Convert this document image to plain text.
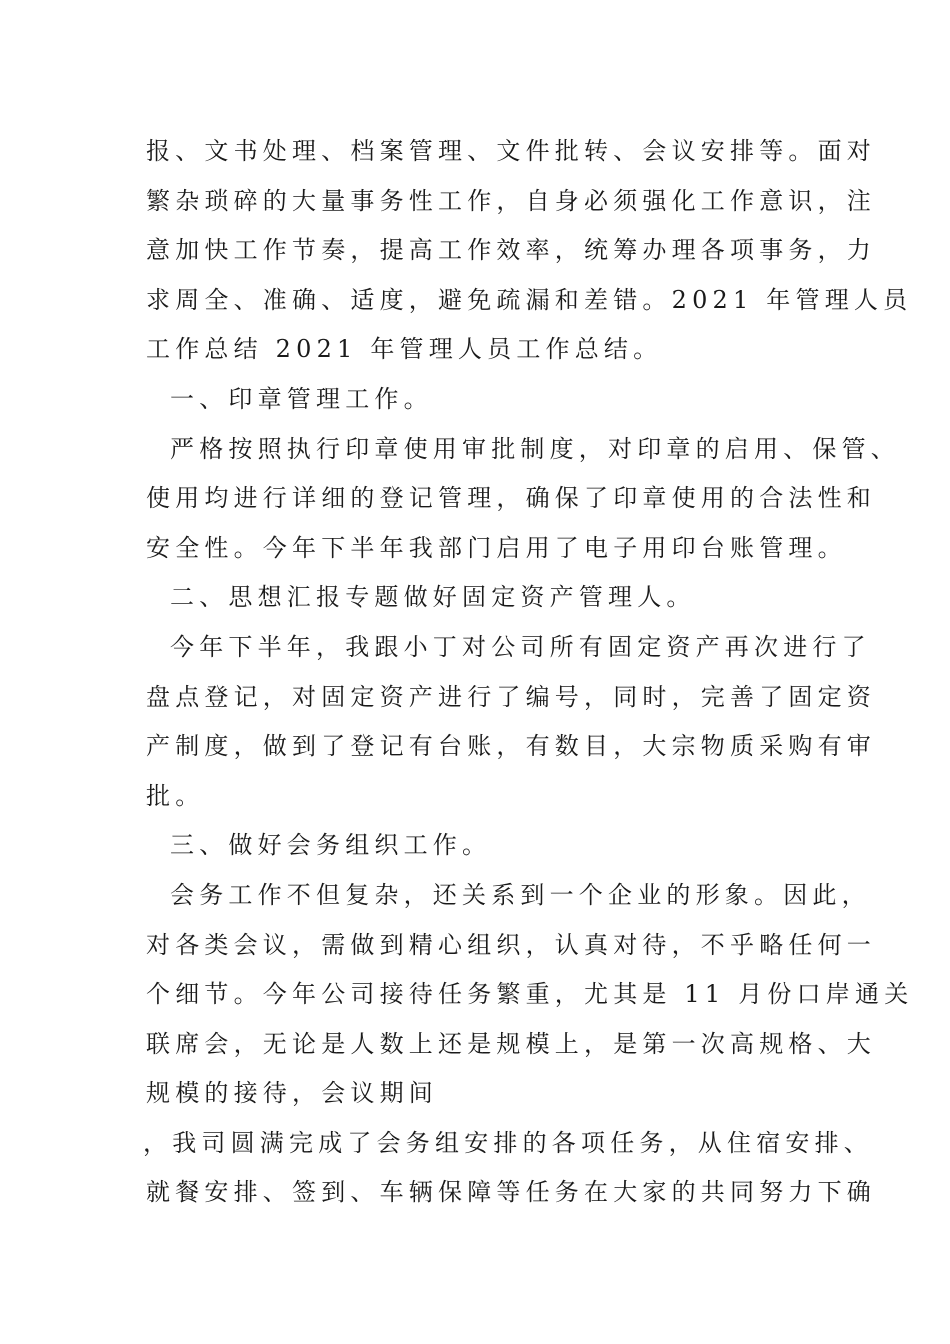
报、文书处理、档案管理、文件批转、会议安排等。面对
繁杂琐碎的大量事务性工作，自身必须强化工作意识，注
意加快工作节奏，提高工作效率，统筹办理各项事务，力
求周全、准确、适度，避免疏漏和差错。2021 年管理人员
工作总结 2021 年管理人员工作总结。
一、印章管理工作。
严格按照执行印章使用审批制度，对印章的启用、保管、
使用均进行详细的登记管理，确保了印章使用的合法性和
安全性。今年下半年我部门启用了电子用印台账管理。
二、思想汇报专题做好固定资产管理人。
今年下半年，我跟小丁对公司所有固定资产再次进行了
盘点登记，对固定资产进行了编号，同时，完善了固定资
产制度，做到了登记有台账，有数目，大宗物质采购有审
批。
三、做好会务组织工作。
会务工作不但复杂，还关系到一个企业的形象。因此，
对各类会议，需做到精心组织，认真对待，不乎略任何一
个细节。今年公司接待任务繁重，尤其是 11 月份口岸通关
联席会，无论是人数上还是规模上，是第一次高规格、大
规模的接待，会议期间
，我司圆满完成了会务组安排的各项任务，从住宿安排、
就餐安排、签到、车辆保障等任务在大家的共同努力下确
